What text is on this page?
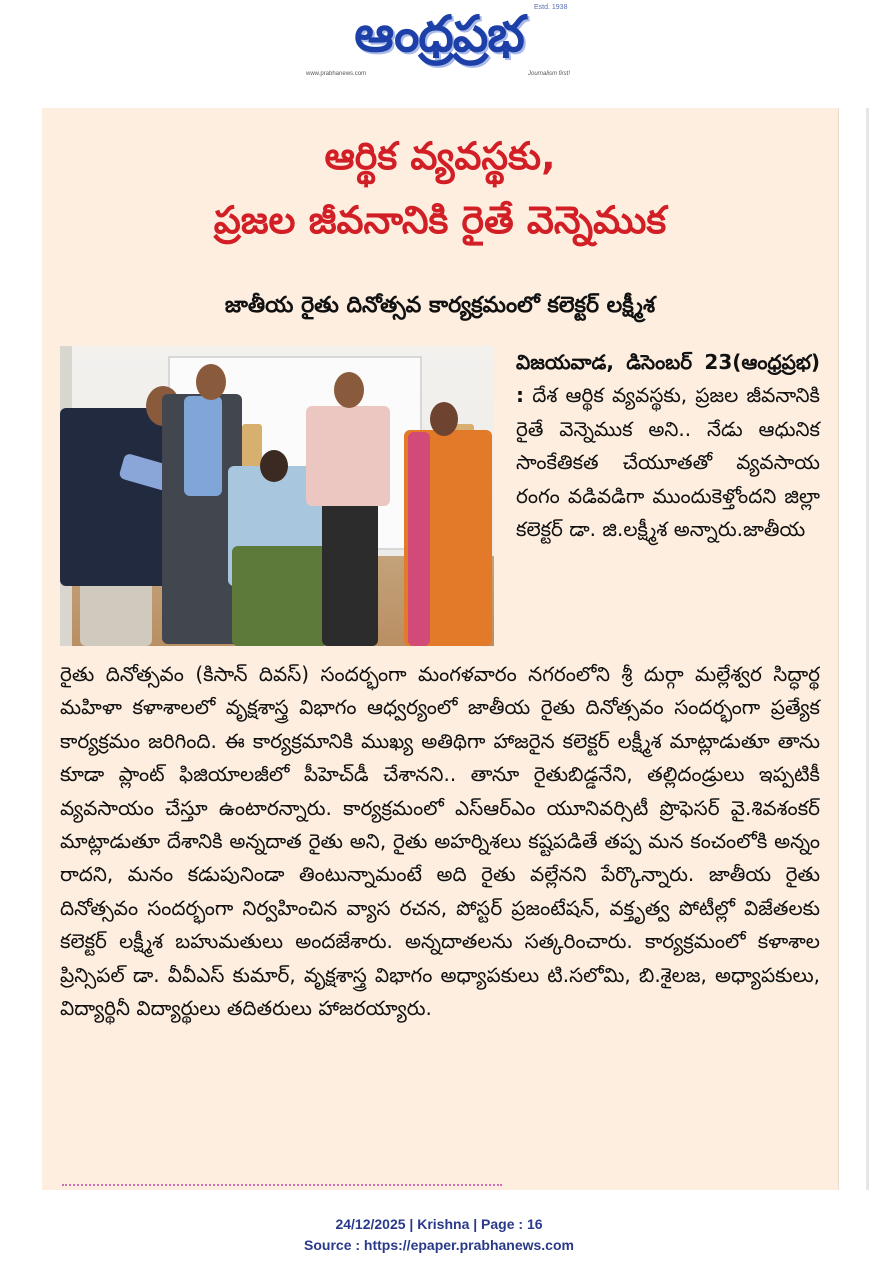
Estd. 1938
ఆంధ్రప్రభ
www.prabhanews.com	Journalism first!
ఆర్థిక వ్యవస్థకు,
ప్రజల జీవనానికి రైతే వెన్నెముక
జాతీయ రైతు దినోత్సవ కార్యక్రమంలో కలెక్టర్ లక్ష్మీశ

విజయవాడ, డిసెంబర్ 23(ఆంధ్రప్రభ) : దేశ ఆర్థిక వ్యవస్థకు, ప్రజల జీవనానికి రైతే వెన్నెముక అని.. నేడు ఆధునిక సాంకేతికత చేయూతతో వ్యవసాయ రంగం వడివడిగా ముందుకెళ్తోందని జిల్లా కలెక్టర్ డా. జి.లక్ష్మీశ అన్నారు.జాతీయ

రైతు దినోత్సవం (కిసాన్ దివస్) సందర్భంగా మంగళవారం నగరంలోని శ్రీ దుర్గా మల్లేశ్వర సిద్ధార్థ మహిళా కళాశాలలో వృక్షశాస్త్ర విభాగం ఆధ్వర్యంలో జాతీయ రైతు దినోత్సవం సందర్భంగా ప్రత్యేక కార్యక్రమం జరిగింది. ఈ కార్యక్రమానికి ముఖ్య అతిథిగా హాజరైన కలెక్టర్ లక్ష్మీశ మాట్లాడుతూ తాను కూడా ప్లాంట్ ఫిజియాలజీలో పీహెచ్‌డీ చేశానని.. తానూ రైతుబిడ్డనేని, తల్లిదండ్రులు ఇప్పటికీ వ్యవసాయం చేస్తూ ఉంటారన్నారు. కార్యక్రమంలో ఎస్ఆర్ఎం యూనివర్సిటీ ప్రొఫెసర్ వై.శివశంకర్ మాట్లాడుతూ దేశానికి అన్నదాత రైతు అని, రైతు అహర్నిశలు కష్టపడితే తప్ప మన కంచంలోకి అన్నం రాదని, మనం కడుపునిండా తింటున్నామంటే అది రైతు వల్లేనని పేర్కొన్నారు. జాతీయ రైతు దినోత్సవం సందర్భంగా నిర్వహించిన వ్యాస రచన, పోస్టర్ ప్రజంటేషన్, వక్తృత్వ పోటీల్లో విజేతలకు కలెక్టర్ లక్ష్మీశ బహుమతులు అందజేశారు. అన్నదాతలను సత్కరించారు. కార్యక్రమంలో కళాశాల ప్రిన్సిపల్ డా. వీవీఎస్ కుమార్, వృక్షశాస్త్ర విభాగం అధ్యాపకులు టి.సలోమి, బి.శైలజ, అధ్యాపకులు, విద్యార్థినీ విద్యార్థులు తదితరులు హాజరయ్యారు.

24/12/2025 | Krishna | Page : 16
Source : https://epaper.prabhanews.com
